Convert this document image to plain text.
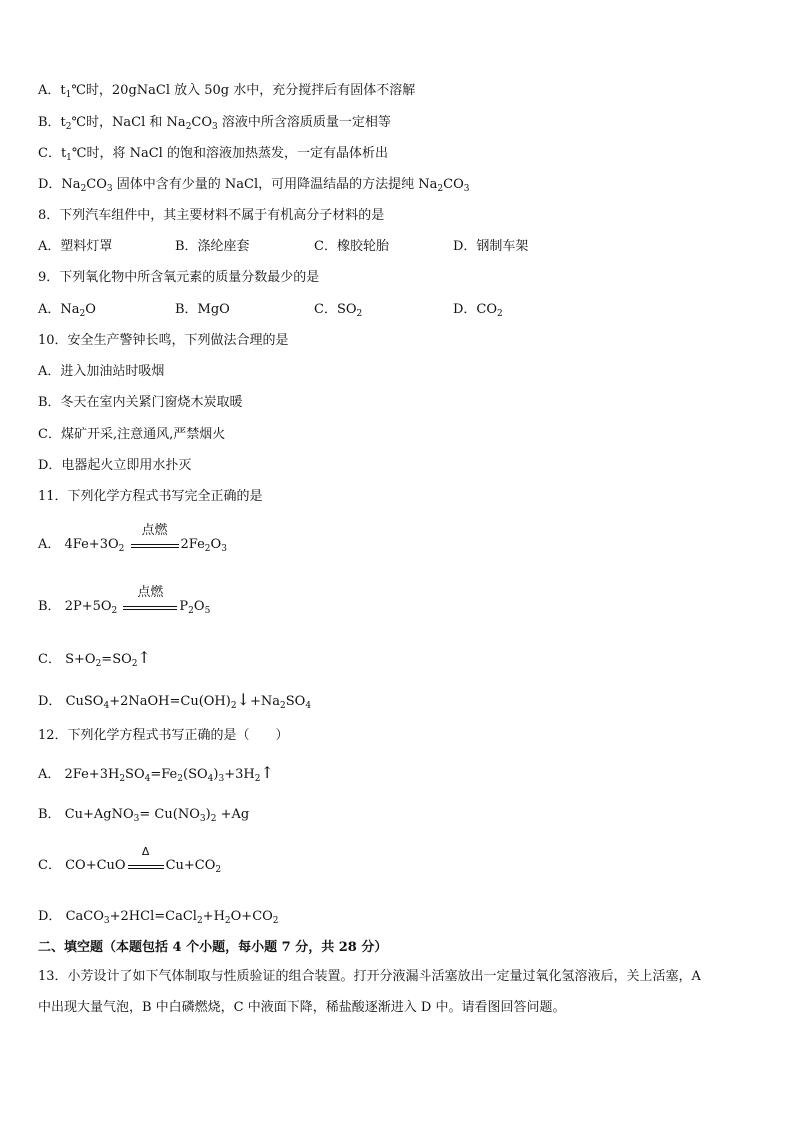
A．$t_1℃$时，20gNaCl 放入 50g 水中，充分搅拌后有固体不溶解
B．$t_2℃$时，NaCl 和 $Na_2CO_3$ 溶液中所含溶质质量一定相等
C．$t_1℃$时，将 NaCl 的饱和溶液加热蒸发，一定有晶体析出
D．$Na_2CO_3$ 固体中含有少量的 NaCl，可用降温结晶的方法提纯 $Na_2CO_3$
8．下列汽车组件中，其主要材料不属于有机高分子材料的是
A．塑料灯罩	B．涤纶座套	C．橡胶轮胎	D．钢制车架
9．下列氧化物中所含氧元素的质量分数最少的是
A．$Na_2O$	B．MgO	C．$SO_2$	D．$CO_2$
10．安全生产警钟长鸣，下列做法合理的是
A．进入加油站时吸烟
B．冬天在室内关紧门窗烧木炭取暖
C．煤矿开采,注意通风,严禁烟火
D．电器起火立即用水扑灭
11．下列化学方程式书写完全正确的是
A． $4Fe+3O_2$
点燃
$2Fe_2O_3$
B． $2P+5O_2$
点燃
$P_2O_5$
C． $S+O_2=SO_2↑$
D． $CuSO_4+2NaOH=Cu(OH)_2↓+Na_2SO_4$
12．下列化学方程式书写正确的是（　　）
A． $2Fe+3H_2SO_4=Fe_2(SO_4)_3+3H_2↑$
B． Cu+AgNO$_3$= $Cu(NO_3)_2 +Ag$
C． CO+CuO
Δ
$Cu+CO_2$
D． $CaCO_3+2HCl=CaCl_2+H_2O+CO_2$
二、填空题（本题包括 4 个小题，每小题 7 分，共 28 分）
13．小芳设计了如下气体制取与性质验证的组合装置。打开分液漏斗活塞放出一定量过氧化氢溶液后，关上活塞，A
中出现大量气泡，B 中白磷燃烧，C 中液面下降，稀盐酸逐渐进入 D 中。请看图回答问题。
